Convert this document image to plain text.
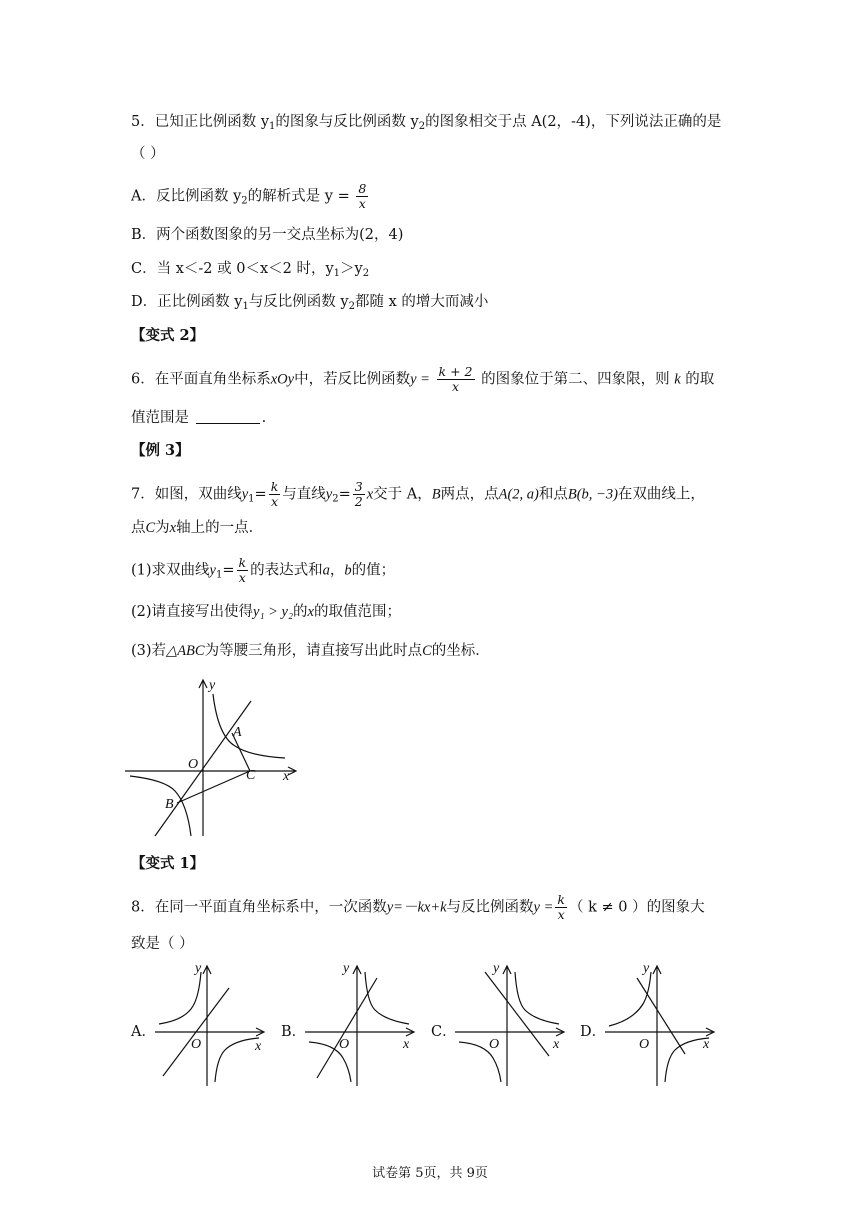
5．已知正比例函数 $y_1$的图象与反比例函数 $y_2$的图象相交于点 A(2，-4)，下列说法正确的是
（ ）
A．反比例函数 $y_2$的解析式是 $y = \frac{8}{x}$
B．两个函数图象的另一交点坐标为(2，4)
C．当 x＜-2 或 0＜x＜2 时，$y_1>y_2$
D．正比例函数 $y_1$与反比例函数 $y_2$都随 x 的增大而减小
【变式 2】
6．在平面直角坐标系xOy中，若反比例函数$y = \frac{k + 2}{x}$ 的图象位于第二、四象限，则 k 的取
值范围是	.
【例 3】
7．如图，双曲线$y_1= \frac{k}{x}$ 与直线$y_2= \frac{3}{2}$ x交于 A，B两点，点A(2, a)和点B(b, −3)在双曲线上，
点C为x轴上的一点．
(1)求双曲线$y_1= \frac{k}{x}$ 的表达式和a，b的值；
(2)请直接写出使得y₁ > y₂的x的取值范围；
(3)若△ABC为等腰三角形，请直接写出此时点C的坐标．
y
O
A
C x
B
【变式 1】
8．在同一平面直角坐标系中，一次函数y=－kx+k与反比例函数$y = \frac{k}{x}$ （ k ≠ 0 ）的图象大
致是（ ）
A．
y
O	x
B．
y
O	x
C．
y
O	x
D．
y
O	x
试卷第 5页，共 9页
